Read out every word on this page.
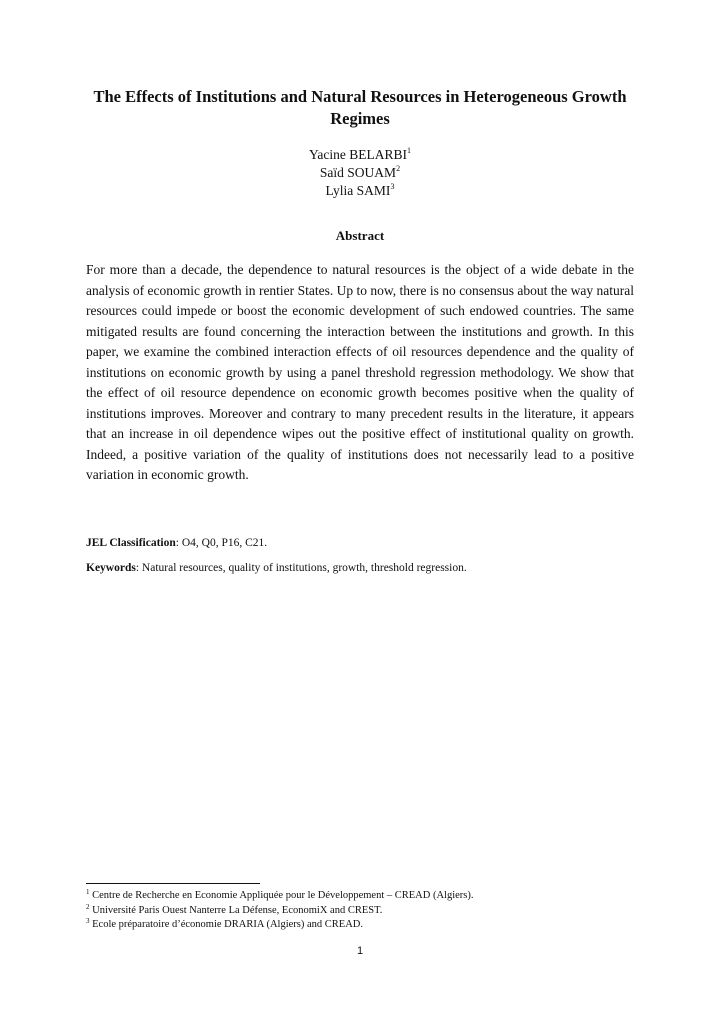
The Effects of Institutions and Natural Resources in Heterogeneous Growth Regimes
Yacine BELARBI$^1$
Saïd SOUAM$^2$
Lylia SAMI$^3$
Abstract
For more than a decade, the dependence to natural resources is the object of a wide debate in the analysis of economic growth in rentier States. Up to now, there is no consensus about the way natural resources could impede or boost the economic development of such endowed countries. The same mitigated results are found concerning the interaction between the institutions and growth. In this paper, we examine the combined interaction effects of oil resources dependence and the quality of institutions on economic growth by using a panel threshold regression methodology. We show that the effect of oil resource dependence on economic growth becomes positive when the quality of institutions improves. Moreover and contrary to many precedent results in the literature, it appears that an increase in oil dependence wipes out the positive effect of institutional quality on growth. Indeed, a positive variation of the quality of institutions does not necessarily lead to a positive variation in economic growth.
JEL Classification: O4, Q0, P16, C21.
Keywords: Natural resources, quality of institutions, growth, threshold regression.
$^1$ Centre de Recherche en Economie Appliquée pour le Développement – CREAD (Algiers).
$^2$ Université Paris Ouest Nanterre La Défense, EconomiX and CREST.
$^3$ Ecole préparatoire d’économie DRARIA (Algiers) and CREAD.
1
